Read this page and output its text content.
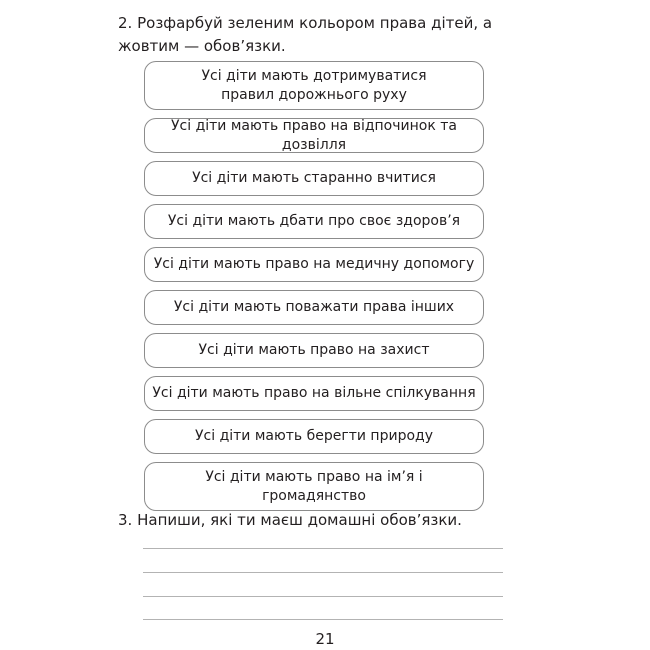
2. Розфарбуй зеленим кольором права дітей, а жовтим — обов’язки.
Усі діти мають дотримуватися правил дорожнього руху
Усі діти мають право на відпочинок та дозвілля
Усі діти мають старанно вчитися
Усі діти мають дбати про своє здоров’я
Усі діти мають право на медичну допомогу
Усі діти мають поважати права інших
Усі діти мають право на захист
Усі діти мають право на вільне спілкування
Усі діти мають берегти природу
Усі діти мають право на ім’я і громадянство
3. Напиши, які ти маєш домашні обов’язки.
21
